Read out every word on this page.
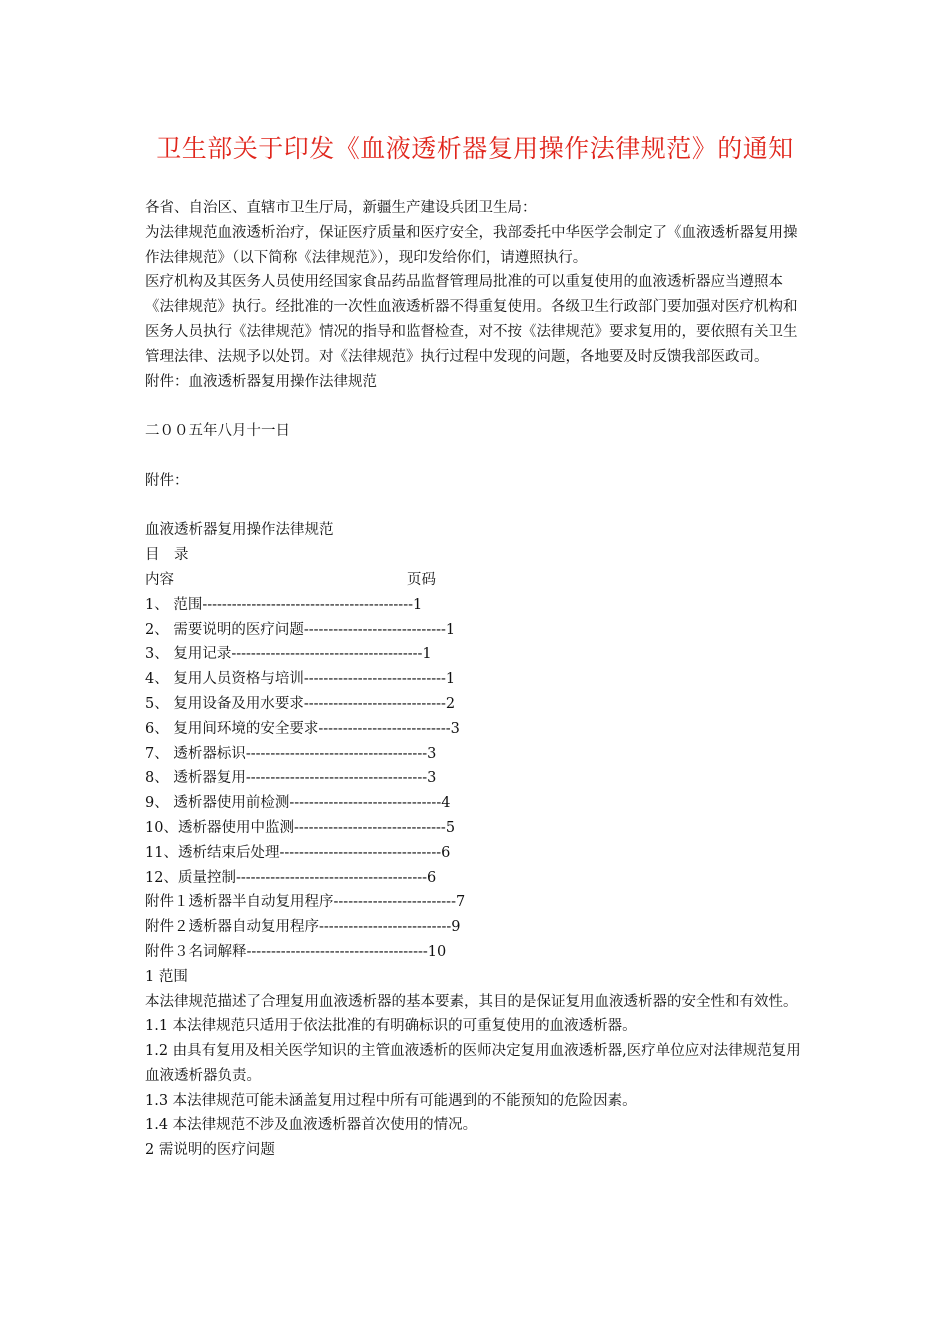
卫生部关于印发《血液透析器复用操作法律规范》的通知

各省、自治区、直辖市卫生厅局，新疆生产建设兵团卫生局：

为法律规范血液透析治疗，保证医疗质量和医疗安全，我部委托中华医学会制定了《血液透析器复用操作法律规范》（以下简称《法律规范》），现印发给你们，请遵照执行。

医疗机构及其医务人员使用经国家食品药品监督管理局批准的可以重复使用的血液透析器应当遵照本《法律规范》执行。经批准的一次性血液透析器不得重复使用。各级卫生行政部门要加强对医疗机构和医务人员执行《法律规范》情况的指导和监督检查，对不按《法律规范》要求复用的，要依照有关卫生管理法律、法规予以处罚。对《法律规范》执行过程中发现的问题，各地要及时反馈我部医政司。

附件：血液透析器复用操作法律规范

二００五年八月十一日

附件：

血液透析器复用操作法律规范

目　录

内容	页码
1、 范围-------------------------------------------1
2、 需要说明的医疗问题-----------------------------1
3、 复用记录---------------------------------------1
4、 复用人员资格与培训-----------------------------1
5、 复用设备及用水要求-----------------------------2
6、 复用间环境的安全要求---------------------------3
7、 透析器标识-------------------------------------3
8、 透析器复用-------------------------------------3
9、 透析器使用前检测-------------------------------4
10、透析器使用中监测-------------------------------5
11、透析结束后处理---------------------------------6
12、质量控制---------------------------------------6
附件１透析器半自动复用程序-------------------------7
附件２透析器自动复用程序---------------------------9
附件３名词解释-------------------------------------10

1 范围

本法律规范描述了合理复用血液透析器的基本要素，其目的是保证复用血液透析器的安全性和有效性。

1.1 本法律规范只适用于依法批准的有明确标识的可重复使用的血液透析器。

1.2 由具有复用及相关医学知识的主管血液透析的医师决定复用血液透析器,医疗单位应对法律规范复用血液透析器负责。

1.3 本法律规范可能未涵盖复用过程中所有可能遇到的不能预知的危险因素。

1.4 本法律规范不涉及血液透析器首次使用的情况。

2 需说明的医疗问题
